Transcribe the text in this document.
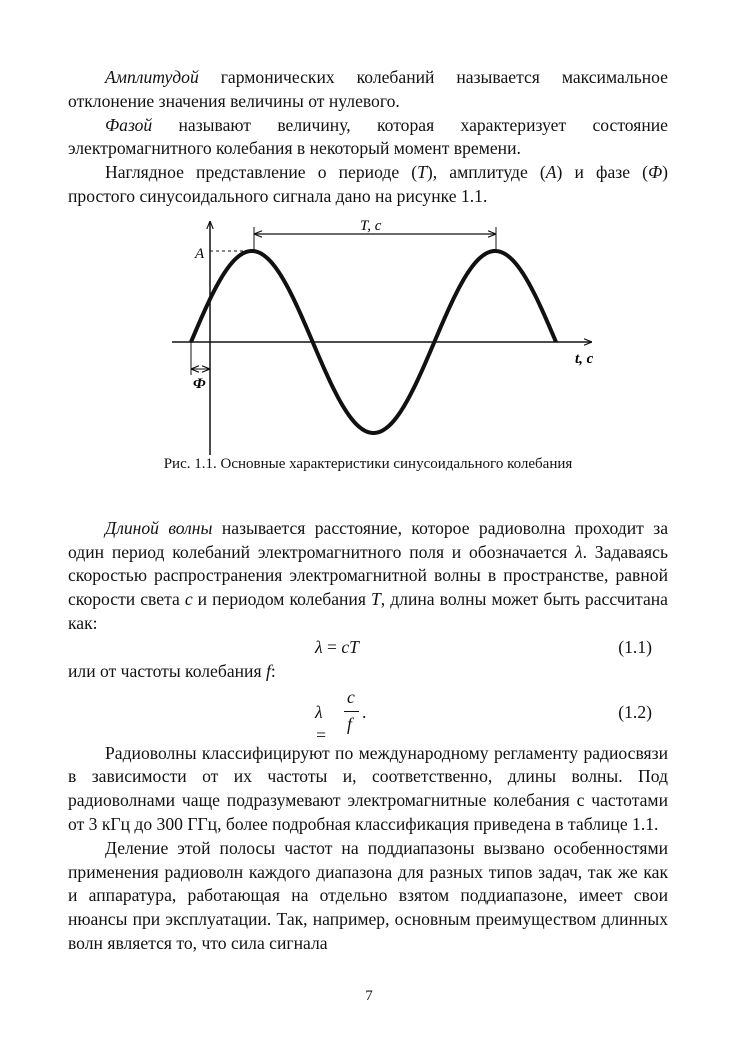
Амплитудой гармонических колебаний называется максимальное отклонение значения величины от нулевого.

Фазой называют величину, которая характеризует состояние электромагнитного колебания в некоторый момент времени.

Наглядное представление о периоде (T), амплитуде (A) и фазе (Ф) простого синусоидального сигнала дано на рисунке 1.1.

A
T, c
t, c
Ф
Рис. 1.1. Основные характеристики синусоидального колебания

Длиной волны называется расстояние, которое радиоволна проходит за один период колебаний электромагнитного поля и обозначается λ. Задаваясь скоростью распространения электромагнитной волны в пространстве, равной скорости света c и периодом колебания T, длина волны может быть рассчитана как:

λ = cT	(1.1)

или от частоты колебания f:

λ =
c
f
.	(1.2)

Радиоволны классифицируют по международному регламенту радиосвязи в зависимости от их частоты и, соответственно, длины волны. Под радиоволнами чаще подразумевают электромагнитные колебания с частотами от 3 кГц до 300 ГГц, более подробная классификация приведена в таблице 1.1.

Деление этой полосы частот на поддиапазоны вызвано особенностями применения радиоволн каждого диапазона для разных типов задач, так же как и аппаратура, работающая на отдельно взятом поддиапазоне, имеет свои нюансы при эксплуатации. Так, например, основным преимуществом длинных волн является то, что сила сигнала

7
